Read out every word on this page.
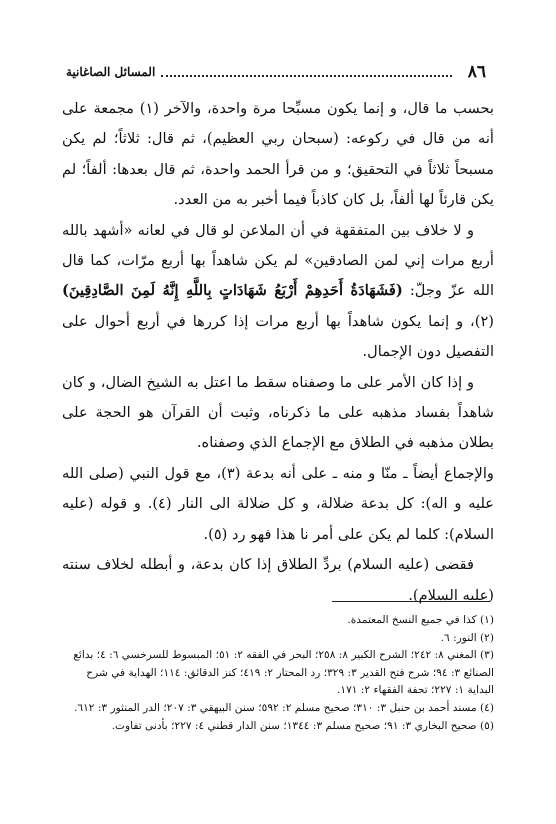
٨٦
المسائل الصاغانية

بحسب ما قال، و إنما يكون مسبِّحا مرة واحدة، والآخر (١) مجمعة على أنه من قال في ركوعه: (سبحان ربي العظيم)، ثم قال: ثلاثاً؛ لم يكن مسبحاً ثلاثاً في التحقيق؛ و من قرأ الحمد واحدة، ثم قال بعدها: ألفاً؛ لم يكن قارئاً لها ألفاً، بل كان كاذباً فيما أخبر به من العدد.

و لا خلاف بين المتفقهة في أن الملاعن لو قال في لعانه «أشهد بالله أربع مرات إني لمن الصادقين» لم يكن شاهداً بها أربع مرّات، كما قال الله عزّ وجلّ: (فَشَهَادَةُ أَحَدِهِمْ أَرْبَعُ شَهَادَاتٍ بِاللَّهِ إِنَّهُ لَمِنَ الصَّادِقِينَ) (٢)، و إنما يكون شاهداً بها أربع مرات إذا كررها في أربع أحوال على التفصيل دون الإجمال.

و إذا كان الأمر على ما وصفناه سقط ما اعتل به الشيخ الضال، و كان شاهداً بفساد مذهبه على ما ذكرناه، وثبت أن القرآن هو الحجة على بطلان مذهبه في الطلاق مع الإجماع الذي وصفناه.

والإجماع أيضاً ـ منّا و منه ـ على أنه بدعة (٣)، مع قول النبي (صلى الله عليه و اله): كل بدعة ضلالة، و كل ضلالة الى النار (٤). و قوله (عليه السلام): كلما لم يكن على أمر نا هذا فهو رد (٥).

فقضى (عليه السلام) بردِّ الطلاق إذا كان بدعة، و أبطله لخلاف سنته (عليه السلام).

(١) كذا في جميع النسخ المعتمدة.
(٢) النور: ٦.
(٣) المغني ٨: ٢٤٢؛ الشرح الكبير ٨: ٢٥٨؛ البحر في الفقه ٢: ٥١؛ المبسوط للسرخسي ٦: ٤؛ بدائع الصنائع ٣: ٩٤؛ شرح فتح القدير ٣: ٣٢٩؛ رد المحتار ٢: ٤١٩؛ كنز الدقائق: ١١٤؛ الهداية في شرح البداية ١: ٢٢٧؛ تحفة الفقهاء ٢: ١٧١.
(٤) مسند أحمد بن حنبل ٣: ٣١٠؛ صحيح مسلم ٢: ٥٩٢؛ سنن البيهقي ٣: ٢٠٧؛ الدر المنثور ٣: ٦١٢.
(٥) صحيح البخاري ٣: ٩١؛ صحيح مسلم ٣: ١٣٤٤؛ سنن الدار قطني ٤: ٢٢٧؛ بأدنى تفاوت.
